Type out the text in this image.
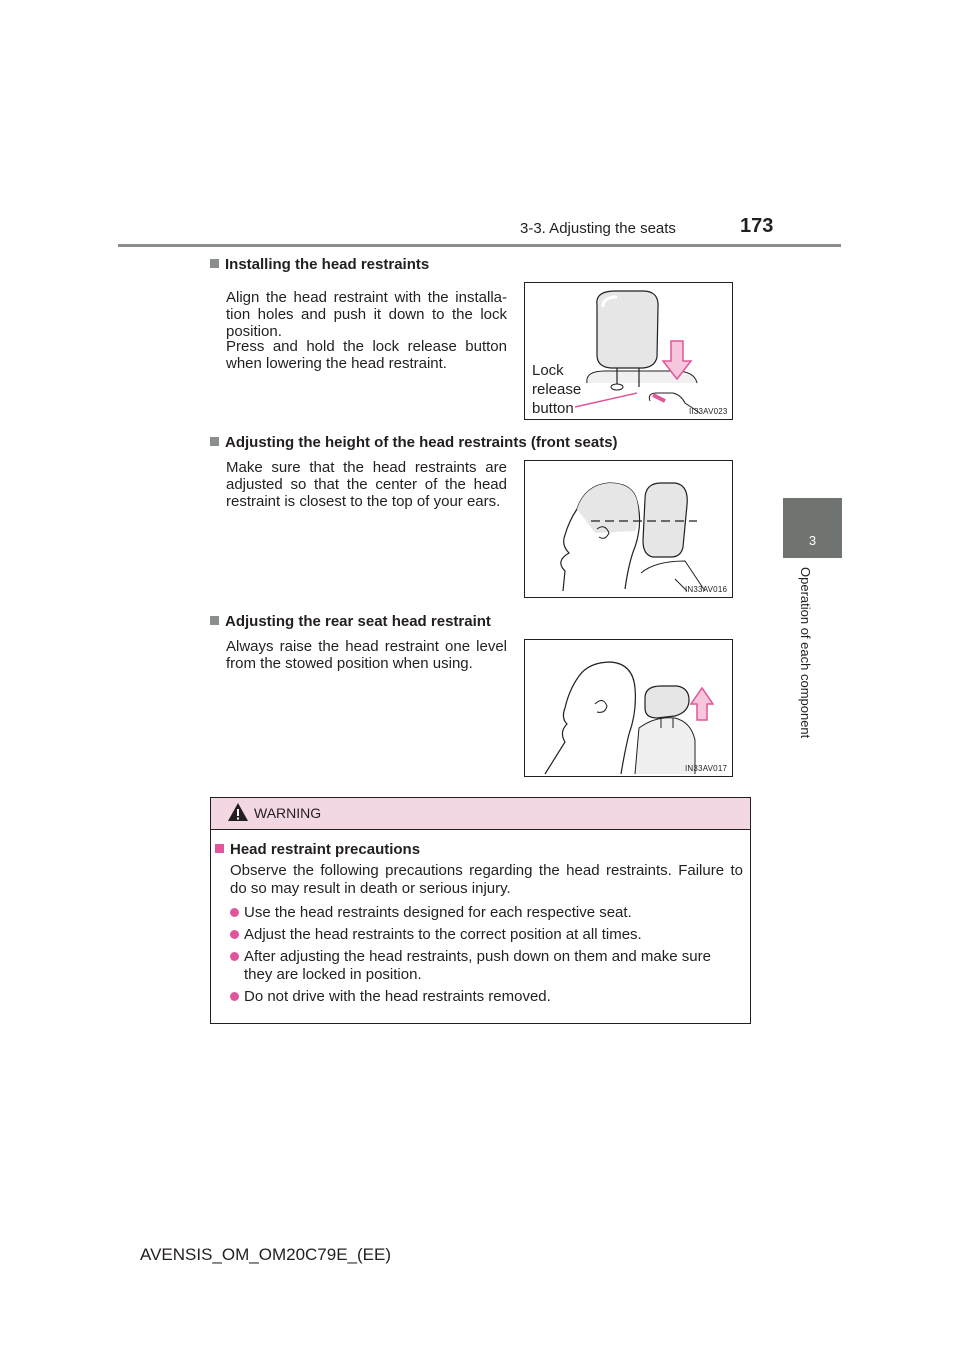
3-3. Adjusting the seats	173
3
Operation of each component
Installing the head restraints
Align the head restraint with the installa-tion holes and push it down to the lock position.
Press and hold the lock release button when lowering the head restraint.	Lock
release
button	II33AV023
Adjusting the height of the head restraints (front seats)
Make sure that the head restraints are adjusted so that the center of the head restraint is closest to the top of your ears.
IN33AV016
Adjusting the rear seat head restraint
Always raise the head restraint one level from the stowed position when using.
IN33AV017
WARNING
Head restraint precautions
Observe the following precautions regarding the head restraints. Failure to do so may result in death or serious injury.
Use the head restraints designed for each respective seat.
Adjust the head restraints to the correct position at all times.
After adjusting the head restraints, push down on them and make sure
they are locked in position.
Do not drive with the head restraints removed.
AVENSIS_OM_OM20C79E_(EE)
